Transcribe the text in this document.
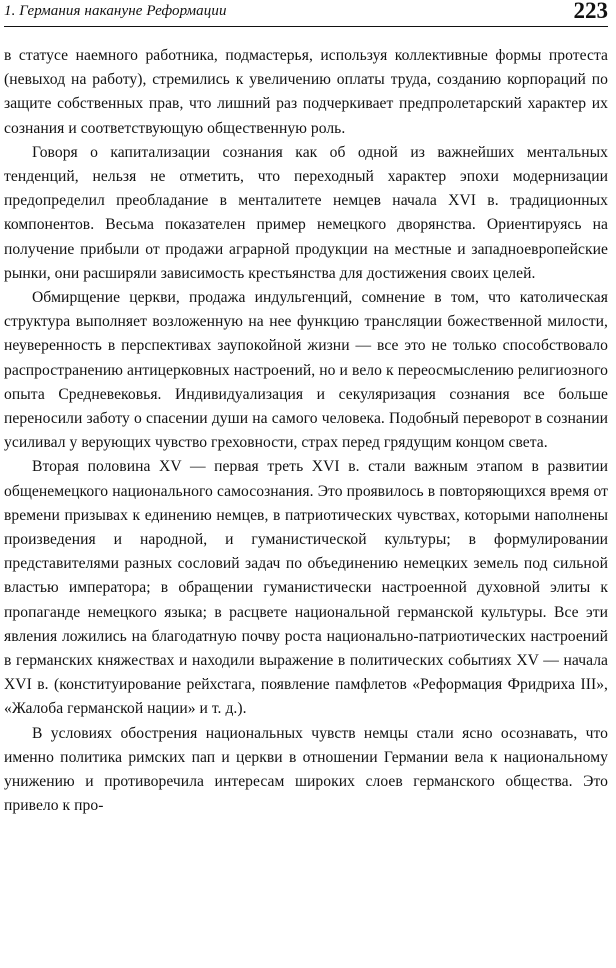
1. Германия накануне Реформации	223

в статусе наемного работника, подмастерья, используя коллективные формы протеста (невыход на работу), стремились к увеличению оплаты труда, созданию корпораций по защите собственных прав, что лишний раз подчеркивает предпролетарский характер их сознания и соответствующую общественную роль.

Говоря о капитализации сознания как об одной из важнейших ментальных тенденций, нельзя не отметить, что переходный характер эпохи модернизации предопределил преобладание в менталитете немцев начала XVI в. традиционных компонентов. Весьма показателен пример немецкого дворянства. Ориентируясь на получение прибыли от продажи аграрной продукции на местные и западноевропейские рынки, они расширяли зависимость крестьянства для достижения своих целей.

Обмирщение церкви, продажа индульгенций, сомнение в том, что католическая структура выполняет возложенную на нее функцию трансляции божественной милости, неуверенность в перспективах заупокойной жизни — все это не только способствовало распространению антицерковных настроений, но и вело к переосмыслению религиозного опыта Средневековья. Индивидуализация и секуляризация сознания все больше переносили заботу о спасении души на самого человека. Подобный переворот в сознании усиливал у верующих чувство греховности, страх перед грядущим концом света.

Вторая половина XV — первая треть XVI в. стали важным этапом в развитии общенемецкого национального самосознания. Это проявилось в повторяющихся время от времени призывах к единению немцев, в патриотических чувствах, которыми наполнены произведения и народной, и гуманистической культуры; в формулировании представителями разных сословий задач по объединению немецких земель под сильной властью императора; в обращении гуманистически настроенной духовной элиты к пропаганде немецкого языка; в расцвете национальной германской культуры. Все эти явления ложились на благодатную почву роста национально-патриотических настроений в германских княжествах и находили выражение в политических событиях XV — начала XVI в. (конституирование рейхстага, появление памфлетов «Реформация Фридриха III», «Жалоба германской нации» и т. д.).

В условиях обострения национальных чувств немцы стали ясно осознавать, что именно политика римских пап и церкви в отношении Германии вела к национальному унижению и противоречила интересам широких слоев германского общества. Это привело к про-
